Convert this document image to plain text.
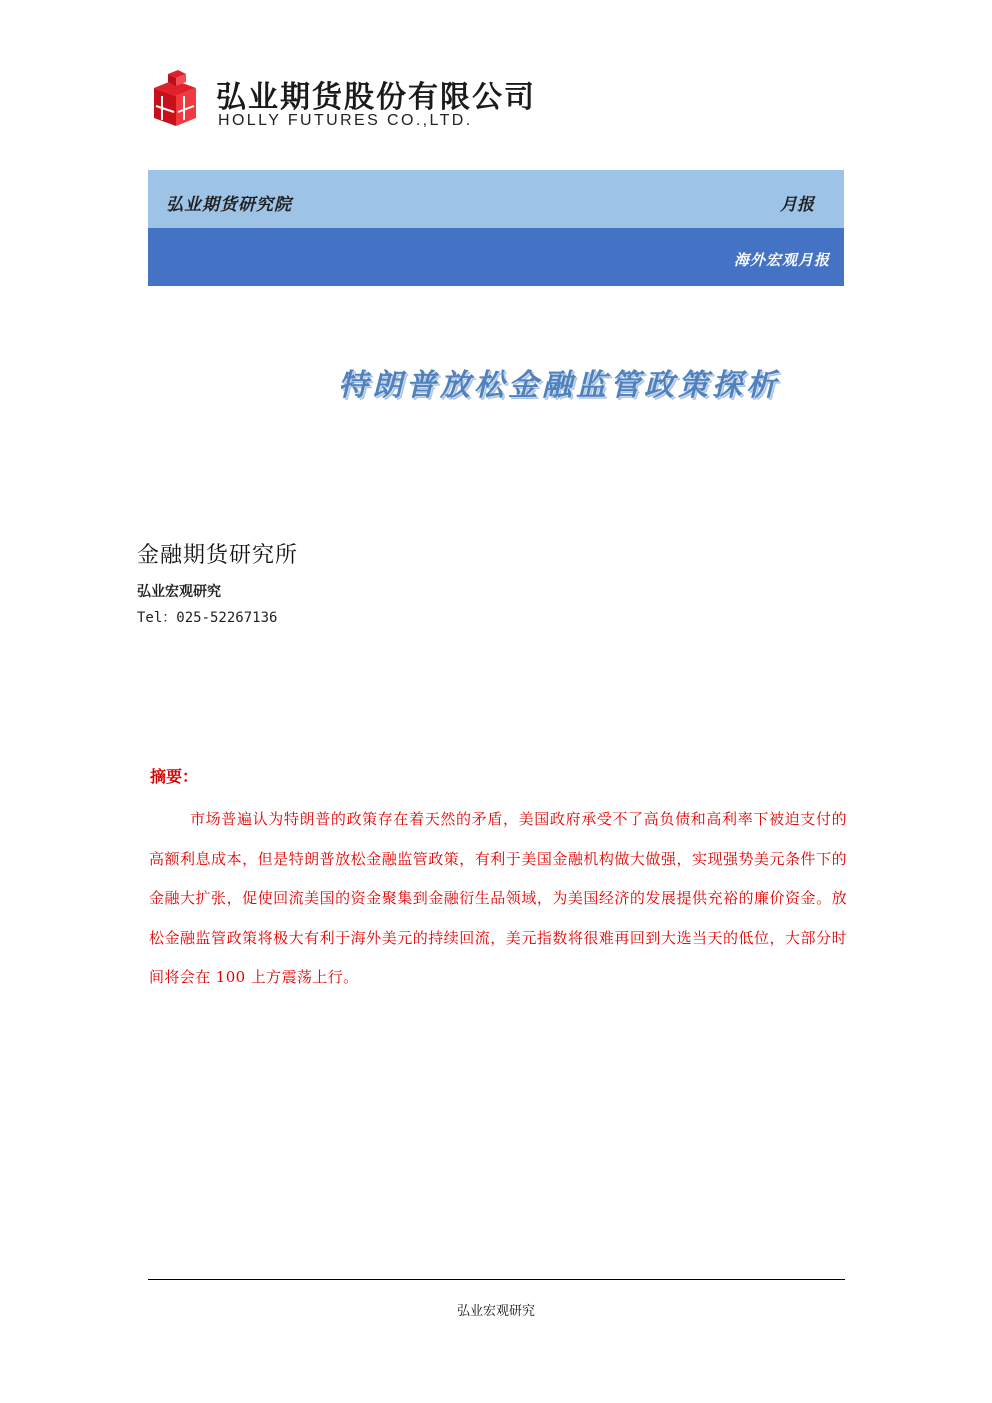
弘业期货股份有限公司
HOLLY FUTURES CO.,LTD.
弘业期货研究院	月报
海外宏观月报
特朗普放松金融监管政策探析
金融期货研究所
弘业宏观研究
Tel：025-52267136
摘要：
市场普遍认为特朗普的政策存在着天然的矛盾，美国政府承受不了高负债和高利率下被迫支付的高额利息成本，但是特朗普放松金融监管政策，有利于美国金融机构做大做强，实现强势美元条件下的金融大扩张，促使回流美国的资金聚集到金融衍生品领域，为美国经济的发展提供充裕的廉价资金。放松金融监管政策将极大有利于海外美元的持续回流，美元指数将很难再回到大选当天的低位，大部分时间将会在 100 上方震荡上行。
弘业宏观研究
